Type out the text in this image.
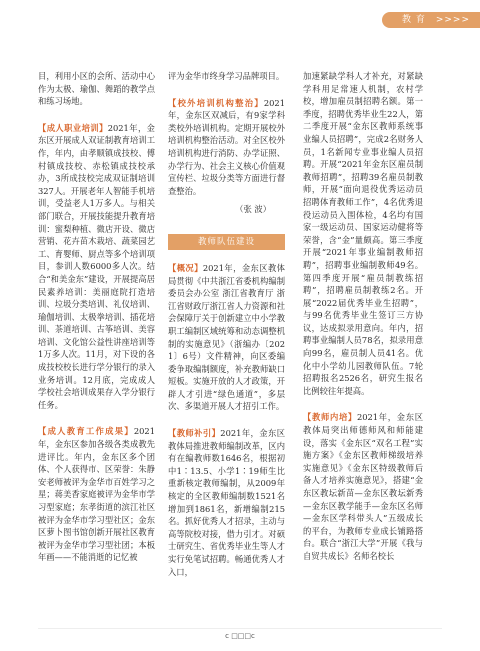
教 育 >>>>

目，利用小区的会所、活动中心作为太极、瑜伽、舞蹈的教学点和练习场地。

【成人职业培训】2021年，金东区开展成人双证制教育培训工作，年内，由孝顺镇成技校、傅村镇成技校、赤松镇成技校承办，3所成技校完成双证制培训327人。开展老年人智能手机培训，受益老人1万多人。与相关部门联合，开展技能提升教育培训：蜜梨种植、微店开设、微店营销、花卉苗木栽培、蔬菜园艺工、育婴师、厨点等多个培训项目，参训人数6000多人次。结合“和美金东”建设，开展提高居民素养培训：美丽庭院打造培训、垃圾分类培训、礼仪培训、瑜伽培训、太极拳培训、插花培训、茶道培训、古筝培训、美容培训、文化馆公益性讲座培训等1万多人次。11月，对下设的各成技校校长进行学分银行的录入业务培训。12月底，完成成人学校社会培训成果存入学分银行任务。

【成人教育工作成果】2021年，金东区参加各级各类成教先进评比。年内，金东区多个团体、个人获得市、区荣誉：朱静安老师被评为金华市百姓学习之星；蒋美香家庭被评为金华市学习型家庭；东孝街道的滨江社区被评为金华市学习型社区；金东区萝卜图书馆创新开展社区教育被评为金华市学习型社团；本板年画——不能消逝的记忆被

评为金华市终身学习品牌项目。

【校外培训机构整治】2021年，金东区双减后，有9家学科类校外培训机构。定期开展校外培训机构整治活动。对全区校外培训机构进行消防、办学证照、办学行为、社会主义核心价值观宣传栏、垃圾分类等方面进行督查整治。

（张 波）

教师队伍建设

【概况】2021年，金东区教体局贯彻《中共浙江省委机构编制委员会办公室 浙江省教育厅 浙江省财政厅浙江省人力资源和社会保障厅关于创新建立中小学教职工编制区域统筹和动态调整机制的实施意见》（浙编办〔2021〕6号）文件精神，向区委编委争取编制额度，补充教师缺口短板。实施开放的人才政策，开辟人才引进“绿色通道”，多层次、多渠道开展人才招引工作。

【教师补引】2021年，金东区教体局推进教师编制改革，区内有在编教师数1646名，根据初中1∶13.5、小学1∶19师生比重新核定教师编制，从2009年核定的全区教师编制数1521名增加到1861名，新增编制215名。抓好优秀人才招录，主动与高等院校对接，借力引才。对硕士研究生、省优秀毕业生等人才实行免笔试招聘。畅通优秀人才入口，

加速紧缺学科人才补充，对紧缺学科用足常速人机制，农村学校，增加雇员制招聘名额。第一季度，招聘优秀毕业生22人，第二季度开展“金东区教师系统事业编人员招聘”，完成2名财务人员，1名新闻专业事业编人员招聘。开展“2021年金东区雇员制教师招聘”，招聘39名雇员制教师，开展“面向退役优秀运动员招聘体育教师工作”，4名优秀退役运动员入围体检，4名均有国家一级运动员、国家运动健将等荣誉，含“金”量颇高。第三季度开展“2021年事业编制教师招聘”，招聘事业编制教师49名。第四季度开展“雇员制教练招聘”，招聘雇员制教练2名。开展“2022届优秀毕业生招聘”，与99名优秀毕业生签订三方协议，达成拟录用意向。年内，招聘事业编制人员78名，拟录用意向99名，雇员制人员41名。优化中小学幼儿园教师队伍。7轮招聘报名2526名，研究生报名比例较往年提高。

【教师内培】2021年，金东区教体局突出师德师风和师能建设，落实《金东区“双名工程”实施方案》《金东区教师梯级培养实施意见》《金东区特级教师后备人才培养实施意见》，搭建“金东区教坛新苗—金东区教坛新秀—金东区教学能手—金东区名师—金东区学科带头人”五级成长的平台，为教师专业成长铺路搭台。联合“浙江大学”开展《我与自贸共成长》名师名校长

c □□□c
